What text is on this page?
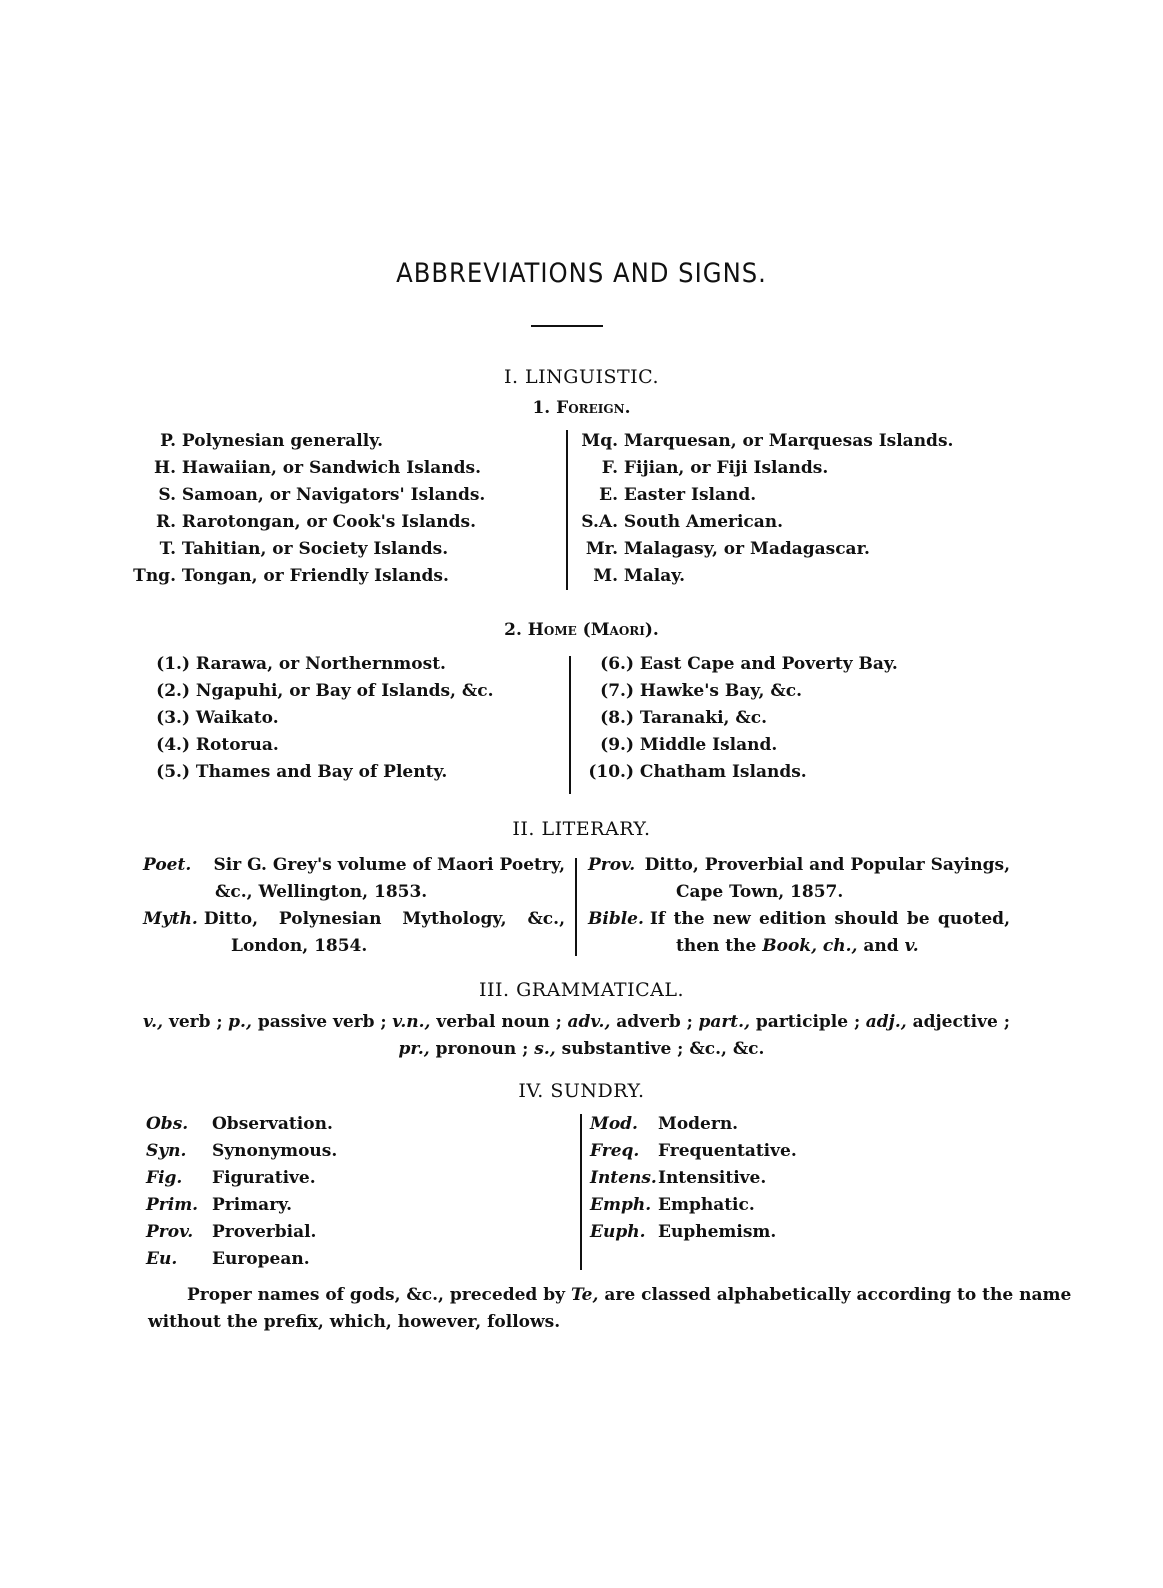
ABBREVIATIONS AND SIGNS.
I. LINGUISTIC.
1. Foreign.
P. Polynesian generally.
H. Hawaiian, or Sandwich Islands.
S. Samoan, or Navigators' Islands.
R. Rarotongan, or Cook's Islands.
T. Tahitian, or Society Islands.
Tng. Tongan, or Friendly Islands.
Mq. Marquesan, or Marquesas Islands.
F. Fijian, or Fiji Islands.
E. Easter Island.
S.A. South American.
Mr. Malagasy, or Madagascar.
M. Malay.
2. Home (Maori).
(1.) Rarawa, or Northernmost.
(2.) Ngapuhi, or Bay of Islands, &c.
(3.) Waikato.
(4.) Rotorua.
(5.) Thames and Bay of Plenty.
(6.) East Cape and Poverty Bay.
(7.) Hawke's Bay, &c.
(8.) Taranaki, &c.
(9.) Middle Island.
(10.) Chatham Islands.
II. LITERARY.
Poet. Sir G. Grey's volume of Maori Poetry,
&c., Wellington, 1853.
Myth. Ditto, Polynesian Mythology, &c.,
London, 1854.
Prov. Ditto, Proverbial and Popular Sayings,
Cape Town, 1857.
Bible. If the new edition should be quoted,
then the Book, ch., and v.
III. GRAMMATICAL.
v., verb ; p., passive verb ; v.n., verbal noun ; adv., adverb ; part., participle ; adj., adjective ;
pr., pronoun ; s., substantive ; &c., &c.
IV. SUNDRY.
Obs. Observation.
Syn. Synonymous.
Fig. Figurative.
Prim. Primary.
Prov. Proverbial.
Eu. European.
Mod. Modern.
Freq. Frequentative.
Intens.Intensitive.
Emph. Emphatic.
Euph. Euphemism.
Proper names of gods, &c., preceded by Te, are classed alphabetically according to the name
without the prefix, which, however, follows.
